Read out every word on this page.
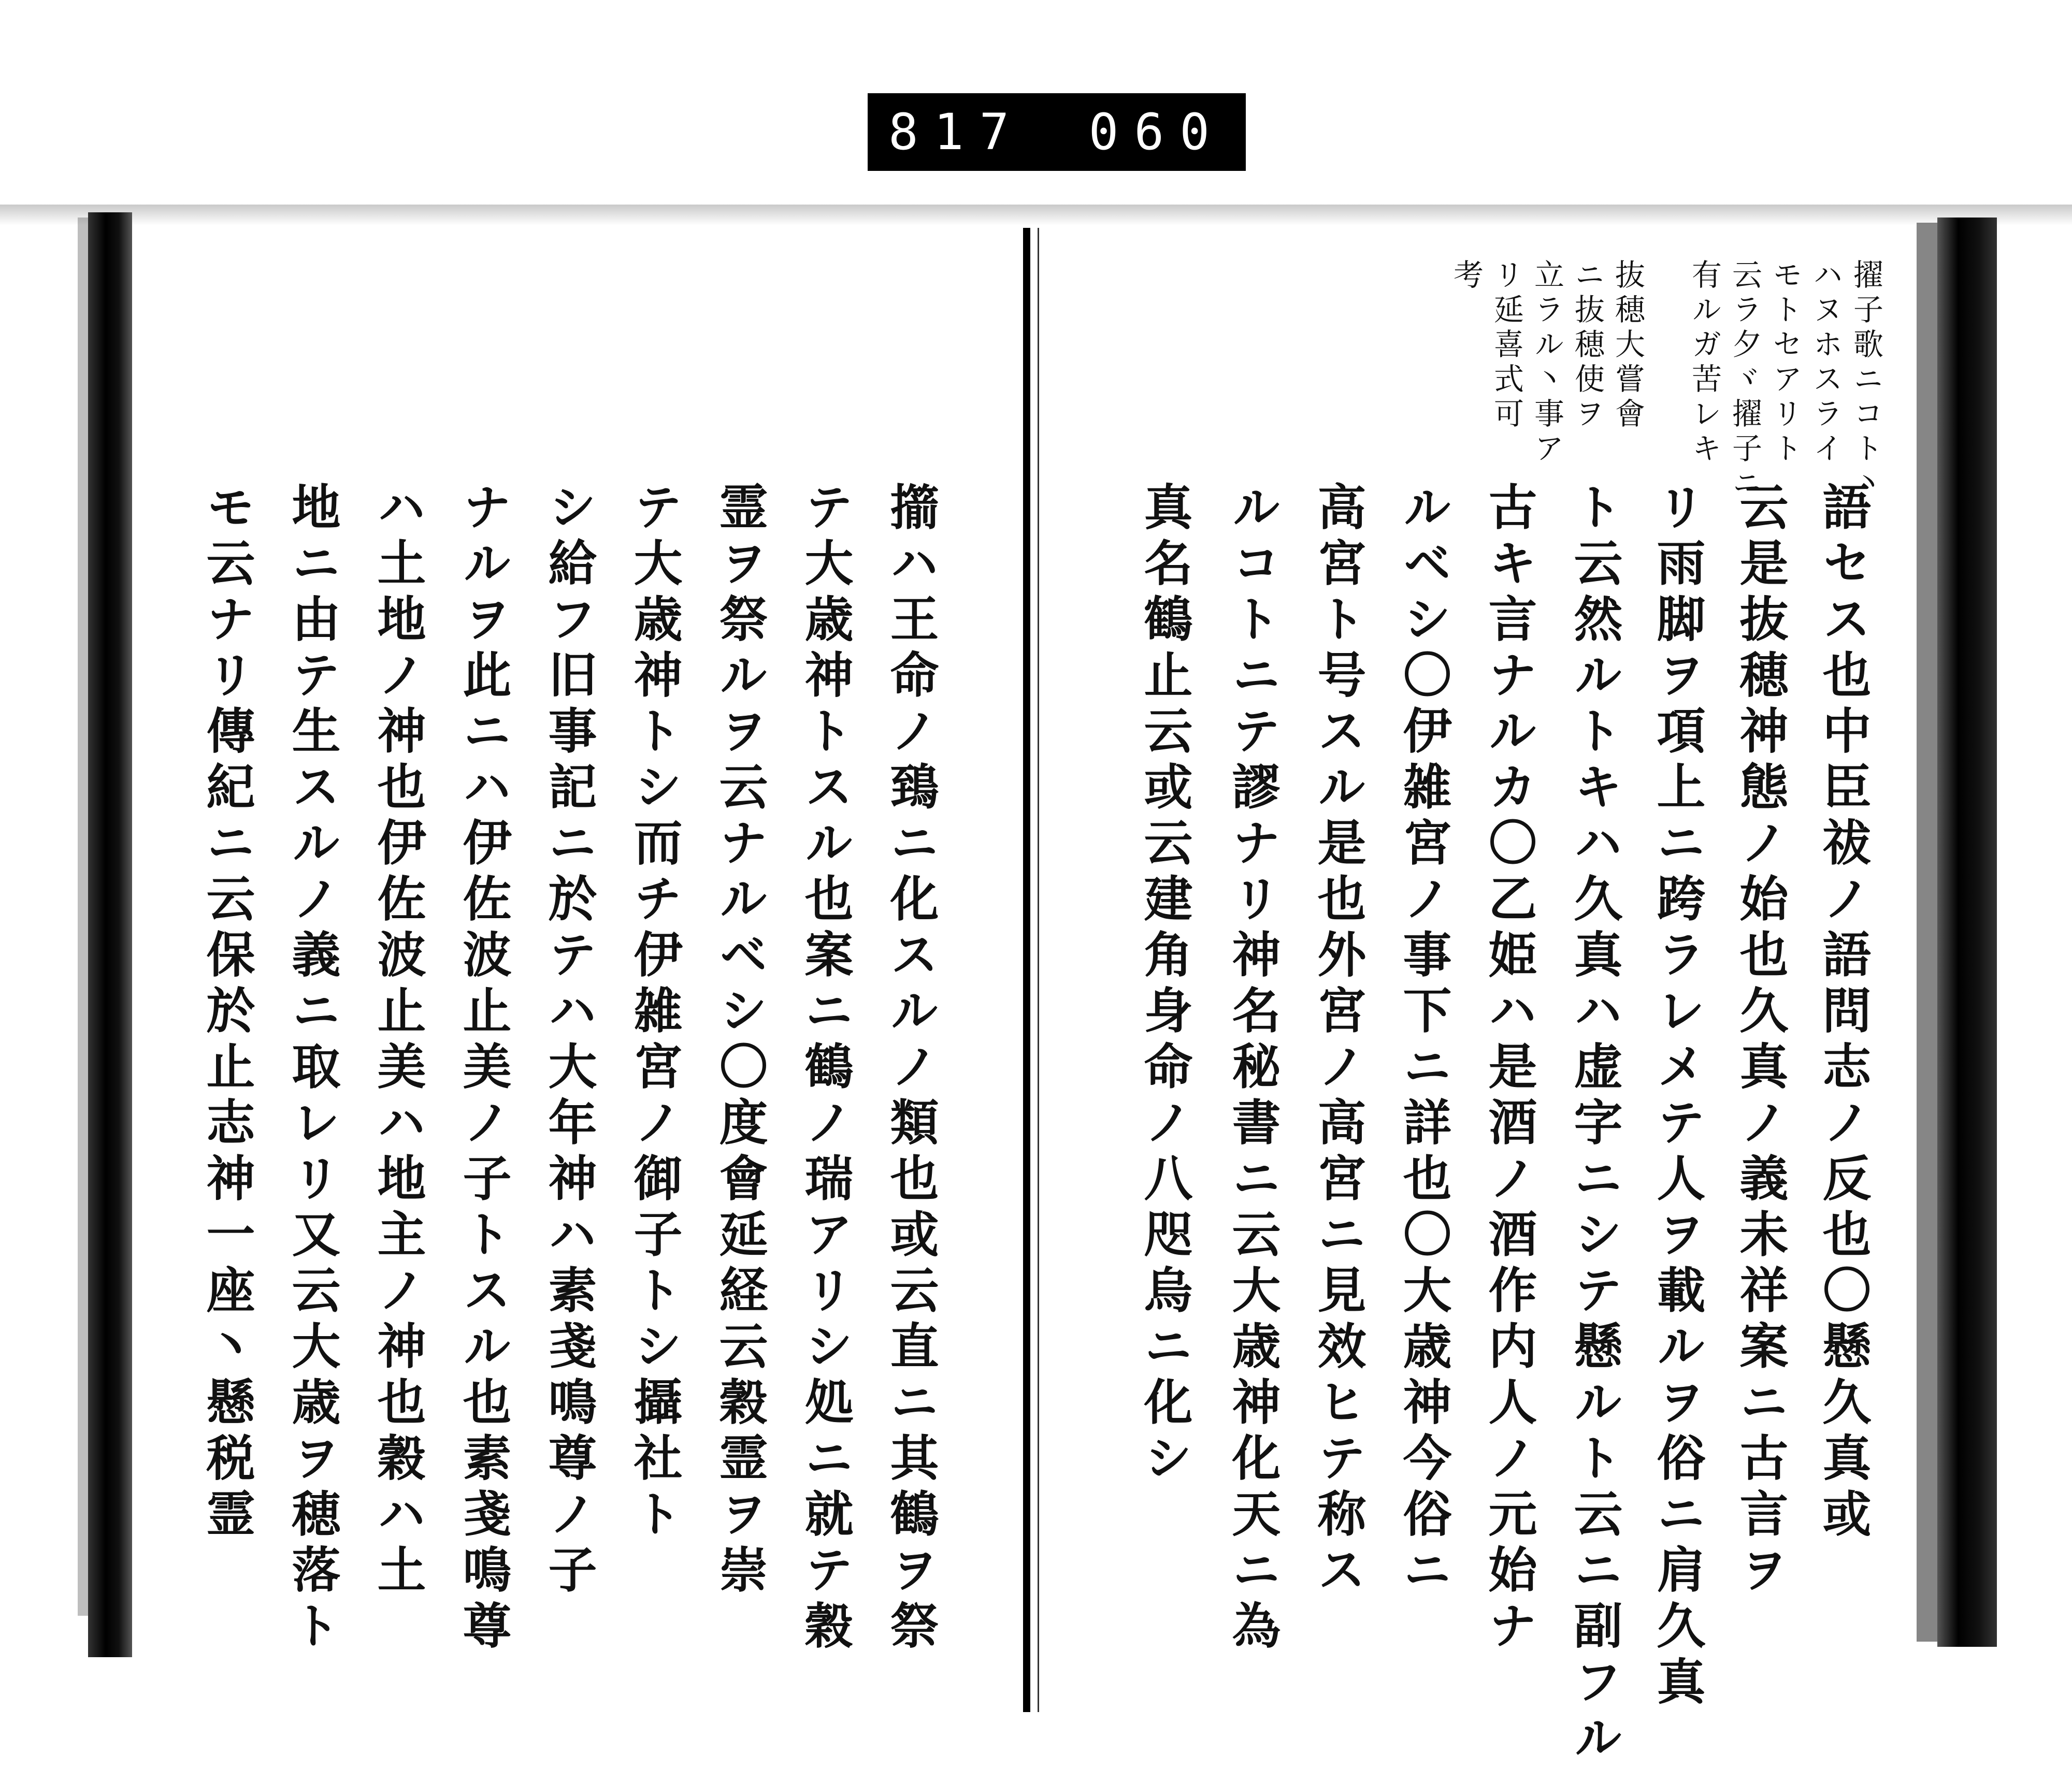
817 060
擢子歌ニコト丶
ハヌホスライ
モトセアリト
云ラ夕ヾ擢子ニ
有ルガ苦レキ
抜穂大嘗會
ニ抜穂使ヲ
立ラル丶事ア
リ延喜式可
考
語セス也中臣祓ノ語問志ノ反也〇懸久真或
云是抜穂神態ノ始也久真ノ義未祥案ニ古言ヲ
リ雨脚ヲ項上ニ跨ラレメテ人ヲ載ルヲ俗ニ肩久真
ト云然ルトキハ久真ハ虚字ニシテ懸ルト云ニ副フル
古キ言ナルカ〇乙姫ハ是酒ノ酒作内人ノ元始ナ
ルベシ〇伊雑宮ノ事下ニ詳也〇大歳神今俗ニ
高宮ト号スル是也外宮ノ高宮ニ見效ヒテ称ス
ルコトニテ謬ナリ神名秘書ニ云大歳神化天ニ為
真名鶴止云或云建角身命ノ八咫烏ニ化シ
擶ハ王命ノ鵄ニ化スルノ類也或云直ニ其鶴ヲ祭
テ大歳神トスル也案ニ鶴ノ瑞アリシ処ニ就テ穀
霊ヲ祭ルヲ云ナルベシ〇度會延経云穀霊ヲ崇
テ大歳神トシ而チ伊雑宮ノ御子トシ攝社ト
シ給フ旧事記ニ於テハ大年神ハ素戔鳴尊ノ子
ナルヲ此ニハ伊佐波止美ノ子トスル也素戔鳴尊
ハ土地ノ神也伊佐波止美ハ地主ノ神也穀ハ土
地ニ由テ生スルノ義ニ取レリ又云大歳ヲ穂落ト
モ云ナリ傳紀ニ云保於止志神一座丶懸税霊
